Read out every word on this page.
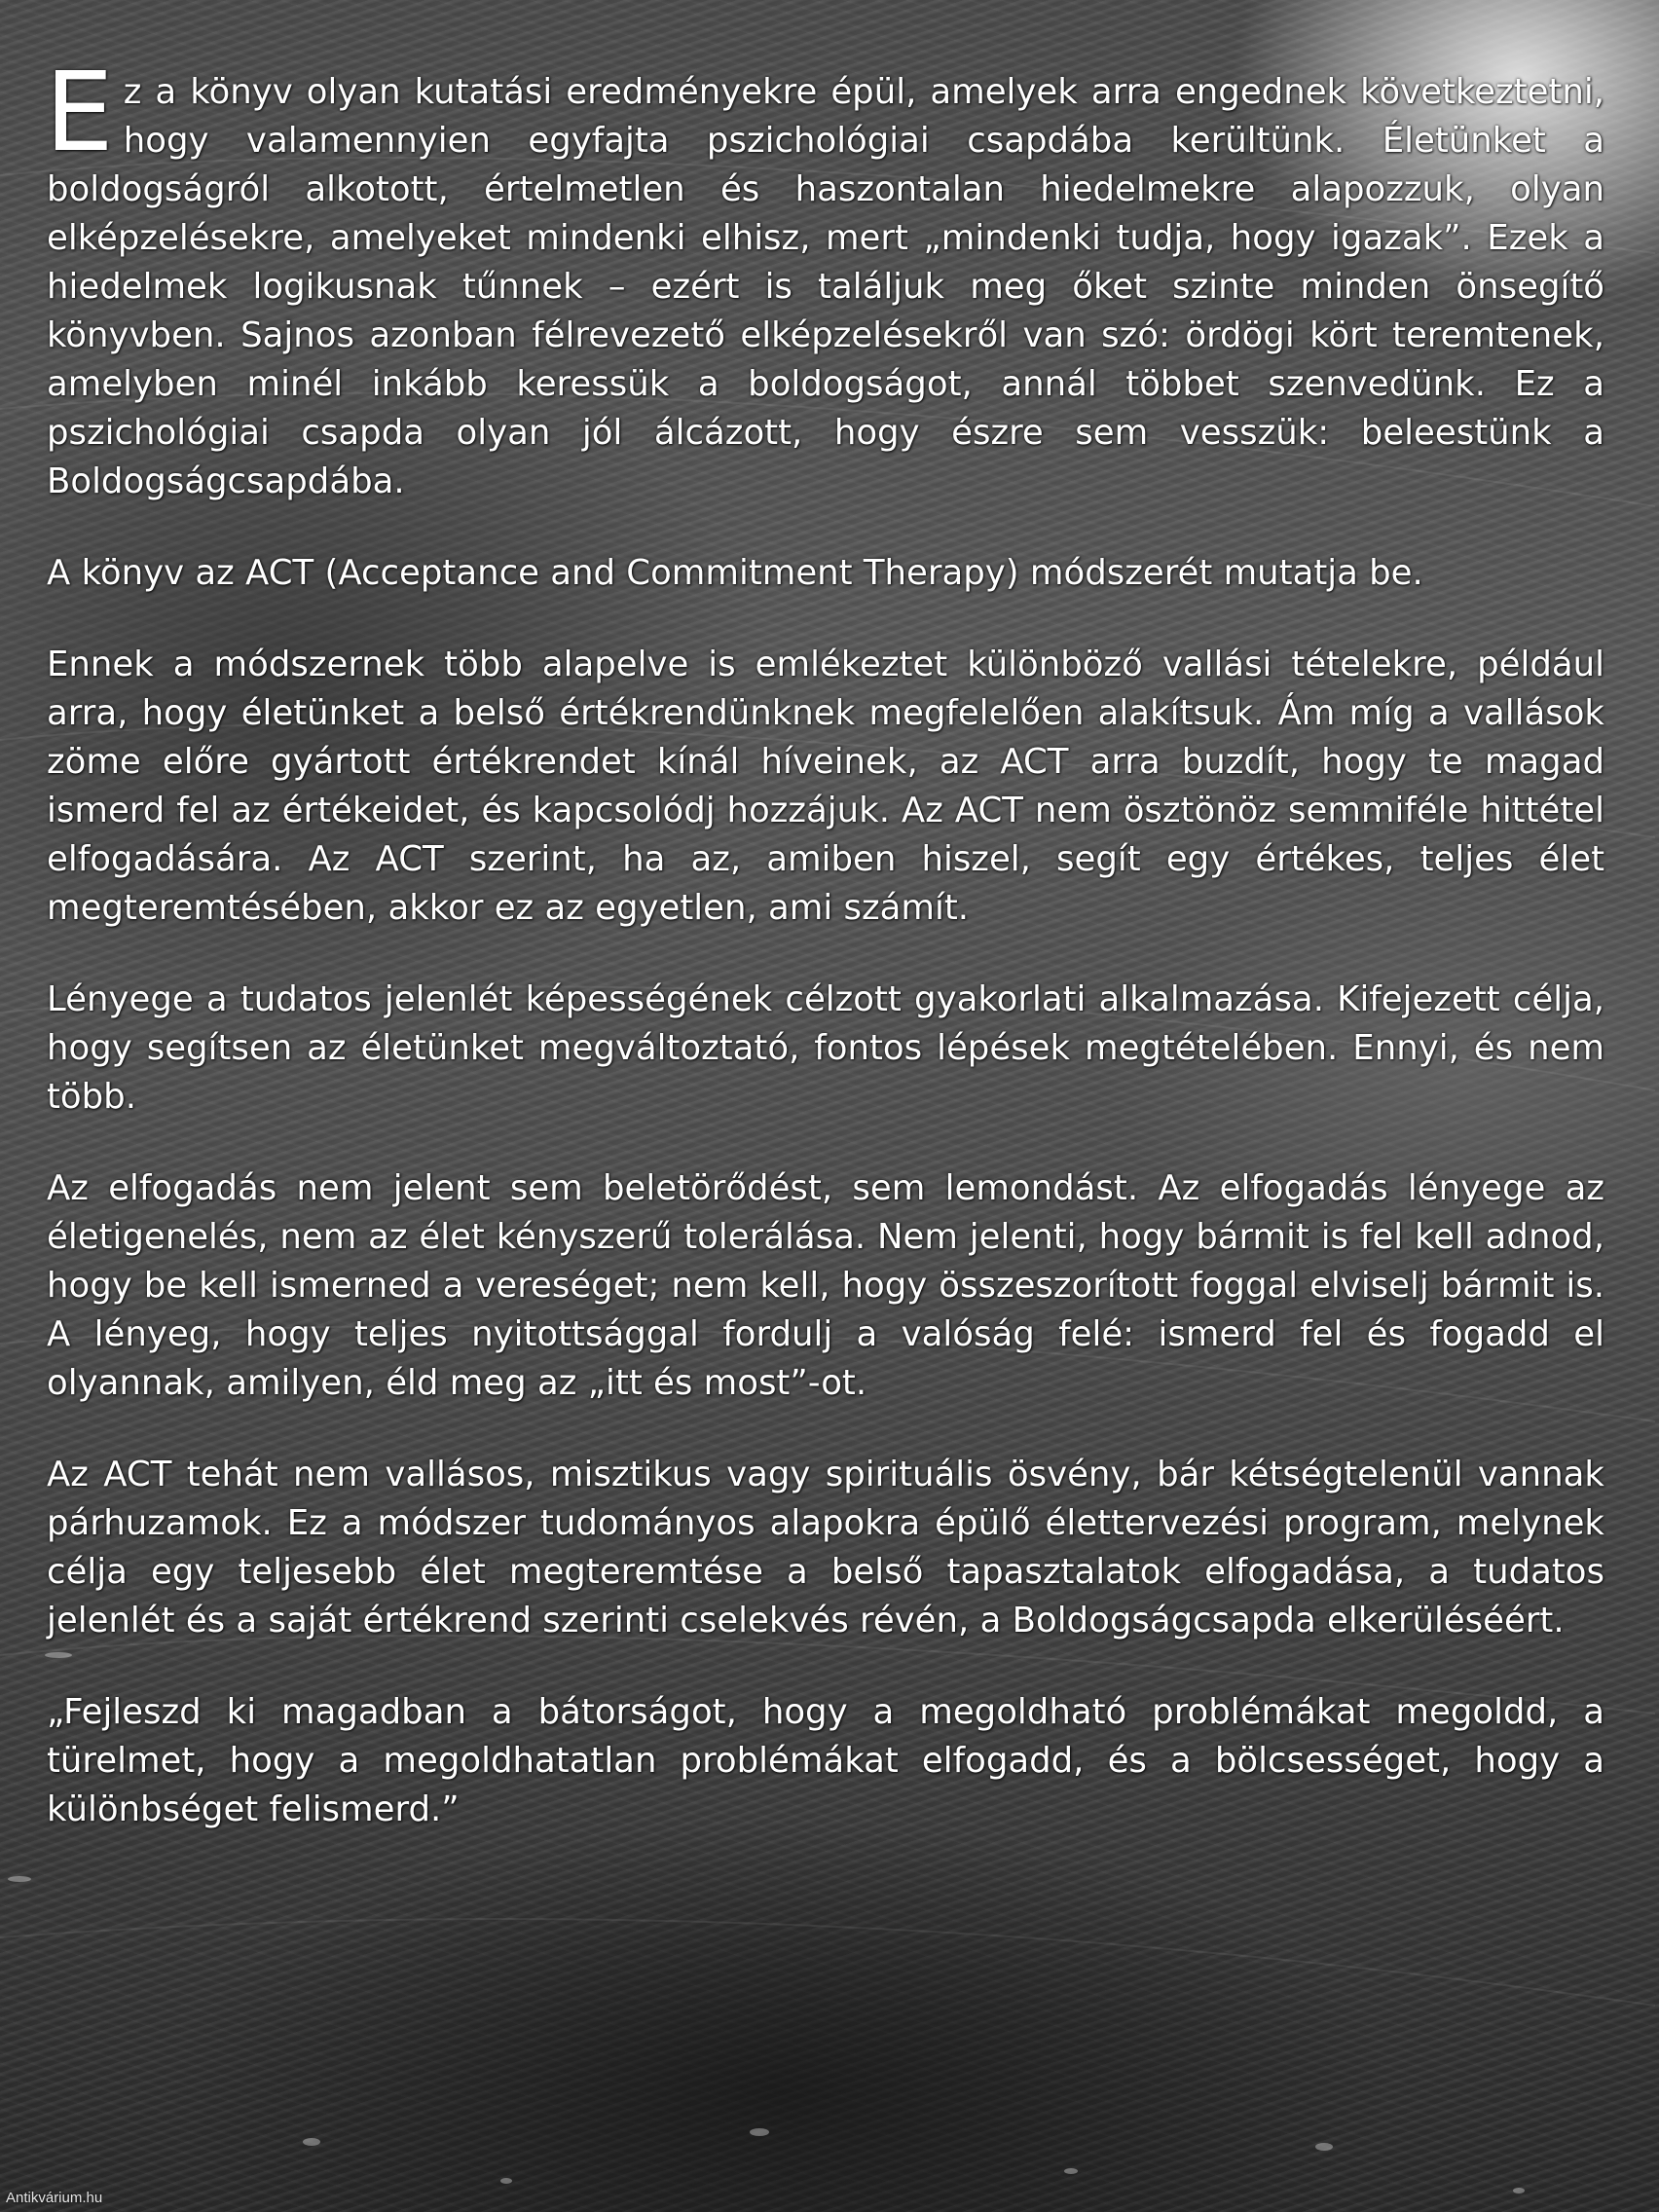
E z a könyv olyan kutatási eredményekre épül, amelyek arra engednek következtetni, hogy valamennyien egyfajta pszichológiai csapdába kerültünk. Életünket a boldogságról alkotott, értelmetlen és haszontalan hiedelmekre alapozzuk, olyan elképzelésekre, amelyeket mindenki elhisz, mert „mindenki tudja, hogy igazak”. Ezek a hiedelmek logikusnak tűnnek – ezért is találjuk meg őket szinte minden önsegítő könyvben. Sajnos azonban félrevezető elképzelésekről van szó: ördögi kört teremtenek, amelyben minél inkább keressük a boldogságot, annál többet szenvedünk. Ez a pszichológiai csapda olyan jól álcázott, hogy észre sem vesszük: beleestünk a Boldogságcsapdába.

A könyv az ACT (Acceptance and Commitment Therapy) módszerét mutatja be.

Ennek a módszernek több alapelve is emlékeztet különböző vallási tételekre, például arra, hogy életünket a belső értékrendünknek megfelelően alakítsuk. Ám míg a vallások zöme előre gyártott értékrendet kínál híveinek, az ACT arra buzdít, hogy te magad ismerd fel az értékeidet, és kapcsolódj hozzájuk. Az ACT nem ösztönöz semmiféle hittétel elfogadására. Az ACT szerint, ha az, amiben hiszel, segít egy értékes, teljes élet megteremtésében, akkor ez az egyetlen, ami számít.

Lényege a tudatos jelenlét képességének célzott gyakorlati alkalmazása. Kifejezett célja, hogy segítsen az életünket megváltoztató, fontos lépések megtételében. Ennyi, és nem több.

Az elfogadás nem jelent sem beletörődést, sem lemondást. Az elfogadás lényege az életigenelés, nem az élet kényszerű tolerálása. Nem jelenti, hogy bármit is fel kell adnod, hogy be kell ismerned a vereséget; nem kell, hogy összeszorított foggal elviselj bármit is. A lényeg, hogy teljes nyitottsággal fordulj a valóság felé: ismerd fel és fogadd el olyannak, amilyen, éld meg az „itt és most”-ot.

Az ACT tehát nem vallásos, misztikus vagy spirituális ösvény, bár kétségtelenül vannak párhuzamok. Ez a módszer tudományos alapokra épülő élettervezési program, melynek célja egy teljesebb élet megteremtése a belső tapasztalatok elfogadása, a tudatos jelenlét és a saját értékrend szerinti cselekvés révén, a Boldogságcsapda elkerüléséért.

„Fejleszd ki magadban a bátorságot, hogy a megoldható problémákat megoldd, a türelmet, hogy a megoldhatatlan problémákat elfogadd, és a bölcsességet, hogy a különbséget felismerd.”

Antikvárium.hu
